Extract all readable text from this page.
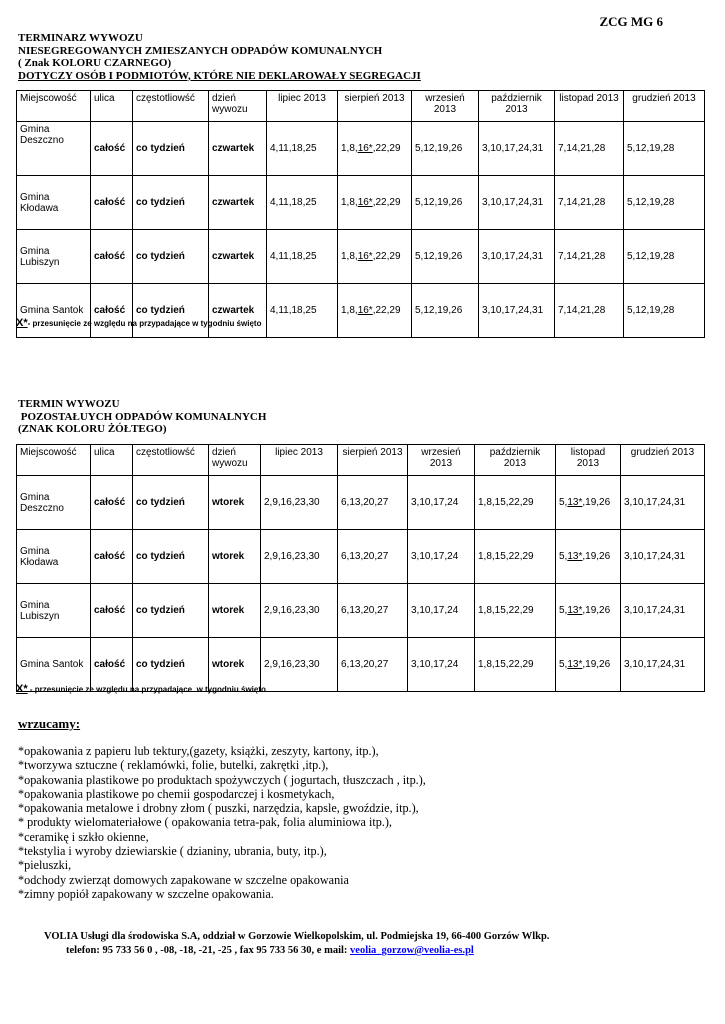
ZCG MG 6
TERMINARZ WYWOZU
NIESEGREGOWANYCH ZMIESZANYCH ODPADÓW KOMUNALNYCH
( Znak KOLORU CZARNEGO)
DOTYCZY OSÓB I PODMIOTÓW, KTÓRE NIE DEKLAROWAŁY SEGREGACJI
Miejscowość	ulica	częstotliowść	dzień wywozu	lipiec 2013	sierpień 2013	wrzesień 2013	październik 2013	listopad 2013	grudzień 2013

Gmina Deszczno	całość	co tydzień	czwartek	4,11,18,25	1,8,16*,22,29	5,12,19,26	3,10,17,24,31	7,14,21,28	5,12,19,28
Gmina Kłodawa	całość	co tydzień	czwartek	4,11,18,25	1,8,16*,22,29	5,12,19,26	3,10,17,24,31	7,14,21,28	5,12,19,28
Gmina Lubiszyn	całość	co tydzień	czwartek	4,11,18,25	1,8,16*,22,29	5,12,19,26	3,10,17,24,31	7,14,21,28	5,12,19,28
Gmina Santok	całość	co tydzień	czwartek	4,11,18,25	1,8,16*,22,29	5,12,19,26	3,10,17,24,31	7,14,21,28	5,12,19,28
X*- przesunięcie ze względu na przypadające w tygodniu święto
TERMIN WYWOZU
POZOSTAŁUYCH ODPADÓW KOMUNALNYCH
(ZNAK KOLORU ŻÓŁTEGO)
Miejscowość	ulica	częstotliowść	dzień wywozu	lipiec 2013	sierpień 2013	wrzesień 2013	październik 2013	listopad 2013	grudzień 2013

Gmina Deszczno	całość	co tydzień	wtorek	2,9,16,23,30	6,13,20,27	3,10,17,24	1,8,15,22,29	5,13*,19,26	3,10,17,24,31
Gmina Kłodawa	całość	co tydzień	wtorek	2,9,16,23,30	6,13,20,27	3,10,17,24	1,8,15,22,29	5,13*,19,26	3,10,17,24,31
Gmina Lubiszyn	całość	co tydzień	wtorek	2,9,16,23,30	6,13,20,27	3,10,17,24	1,8,15,22,29	5,13*,19,26	3,10,17,24,31
Gmina Santok	całość	co tydzień	wtorek	2,9,16,23,30	6,13,20,27	3,10,17,24	1,8,15,22,29	5,13*,19,26	3,10,17,24,31
X* - przesunięcie ze względu na przypadające  w tygodniu święto
wrzucamy:
*opakowania z papieru lub tektury,(gazety, książki, zeszyty, kartony, itp.),
*tworzywa sztuczne ( reklamówki, folie, butelki, zakrętki ,itp.),
*opakowania plastikowe po produktach spożywczych ( jogurtach, tłuszczach , itp.),
*opakowania plastikowe po chemii gospodarczej i kosmetykach,
*opakowania metalowe i drobny złom ( puszki, narzędzia, kapsle, gwoździe, itp.),
* produkty wielomateriałowe ( opakowania tetra-pak, folia aluminiowa itp.),
*ceramikę i szkło okienne,
*tekstylia i wyroby dziewiarskie ( dzianiny, ubrania, buty, itp.),
*pieluszki,
*odchody zwierząt domowych zapakowane w szczelne opakowania
*zimny popiół zapakowany w szczelne opakowania.
VOLIA Usługi dla środowiska S.A, oddział w Gorzowie Wielkopolskim, ul. Podmiejska 19, 66-400 Gorzów Wlkp.
telefon: 95 733 56 0 , -08, -18, -21, -25 , fax 95 733 56 30, e mail: veolia_gorzow@veolia-es.pl
